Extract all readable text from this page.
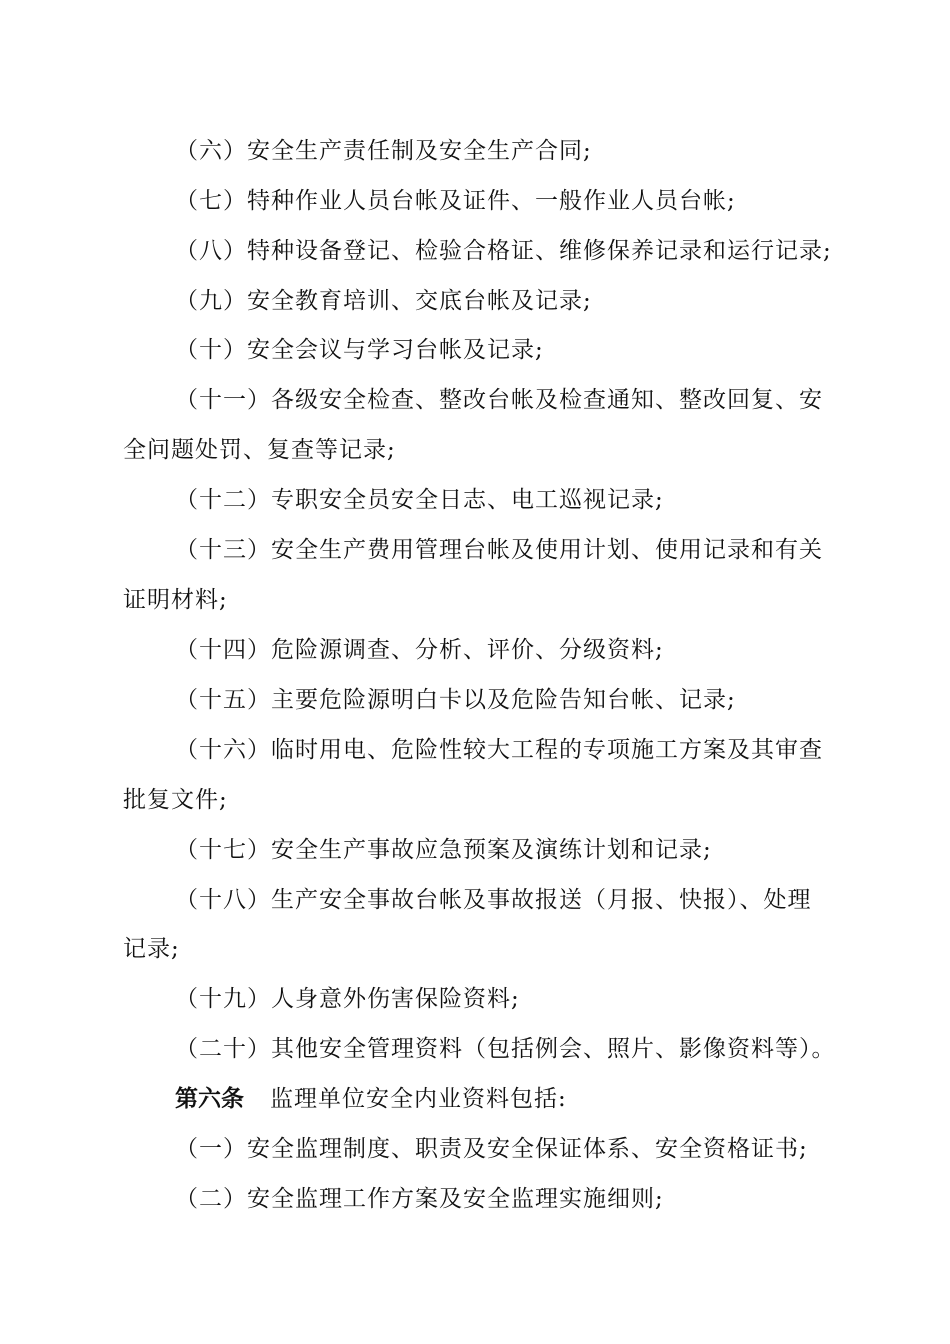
（六）安全生产责任制及安全生产合同;
（七）特种作业人员台帐及证件、一般作业人员台帐;
（八）特种设备登记、检验合格证、维修保养记录和运行记录;
（九）安全教育培训、交底台帐及记录;
（十）安全会议与学习台帐及记录;
（十一）各级安全检查、整改台帐及检查通知、整改回复、安
全问题处罚、复查等记录;
（十二）专职安全员安全日志、电工巡视记录;
（十三）安全生产费用管理台帐及使用计划、使用记录和有关
证明材料;
（十四）危险源调查、分析、评价、分级资料;
（十五）主要危险源明白卡以及危险告知台帐、记录;
（十六）临时用电、危险性较大工程的专项施工方案及其审查
批复文件;
（十七）安全生产事故应急预案及演练计划和记录;
（十八）生产安全事故台帐及事故报送（月报、快报）、处理
记录;
（十九）人身意外伤害保险资料;
（二十）其他安全管理资料（包括例会、照片、影像资料等）。
第六条 监理单位安全内业资料包括:
（一）安全监理制度、职责及安全保证体系、安全资格证书;
（二）安全监理工作方案及安全监理实施细则;
